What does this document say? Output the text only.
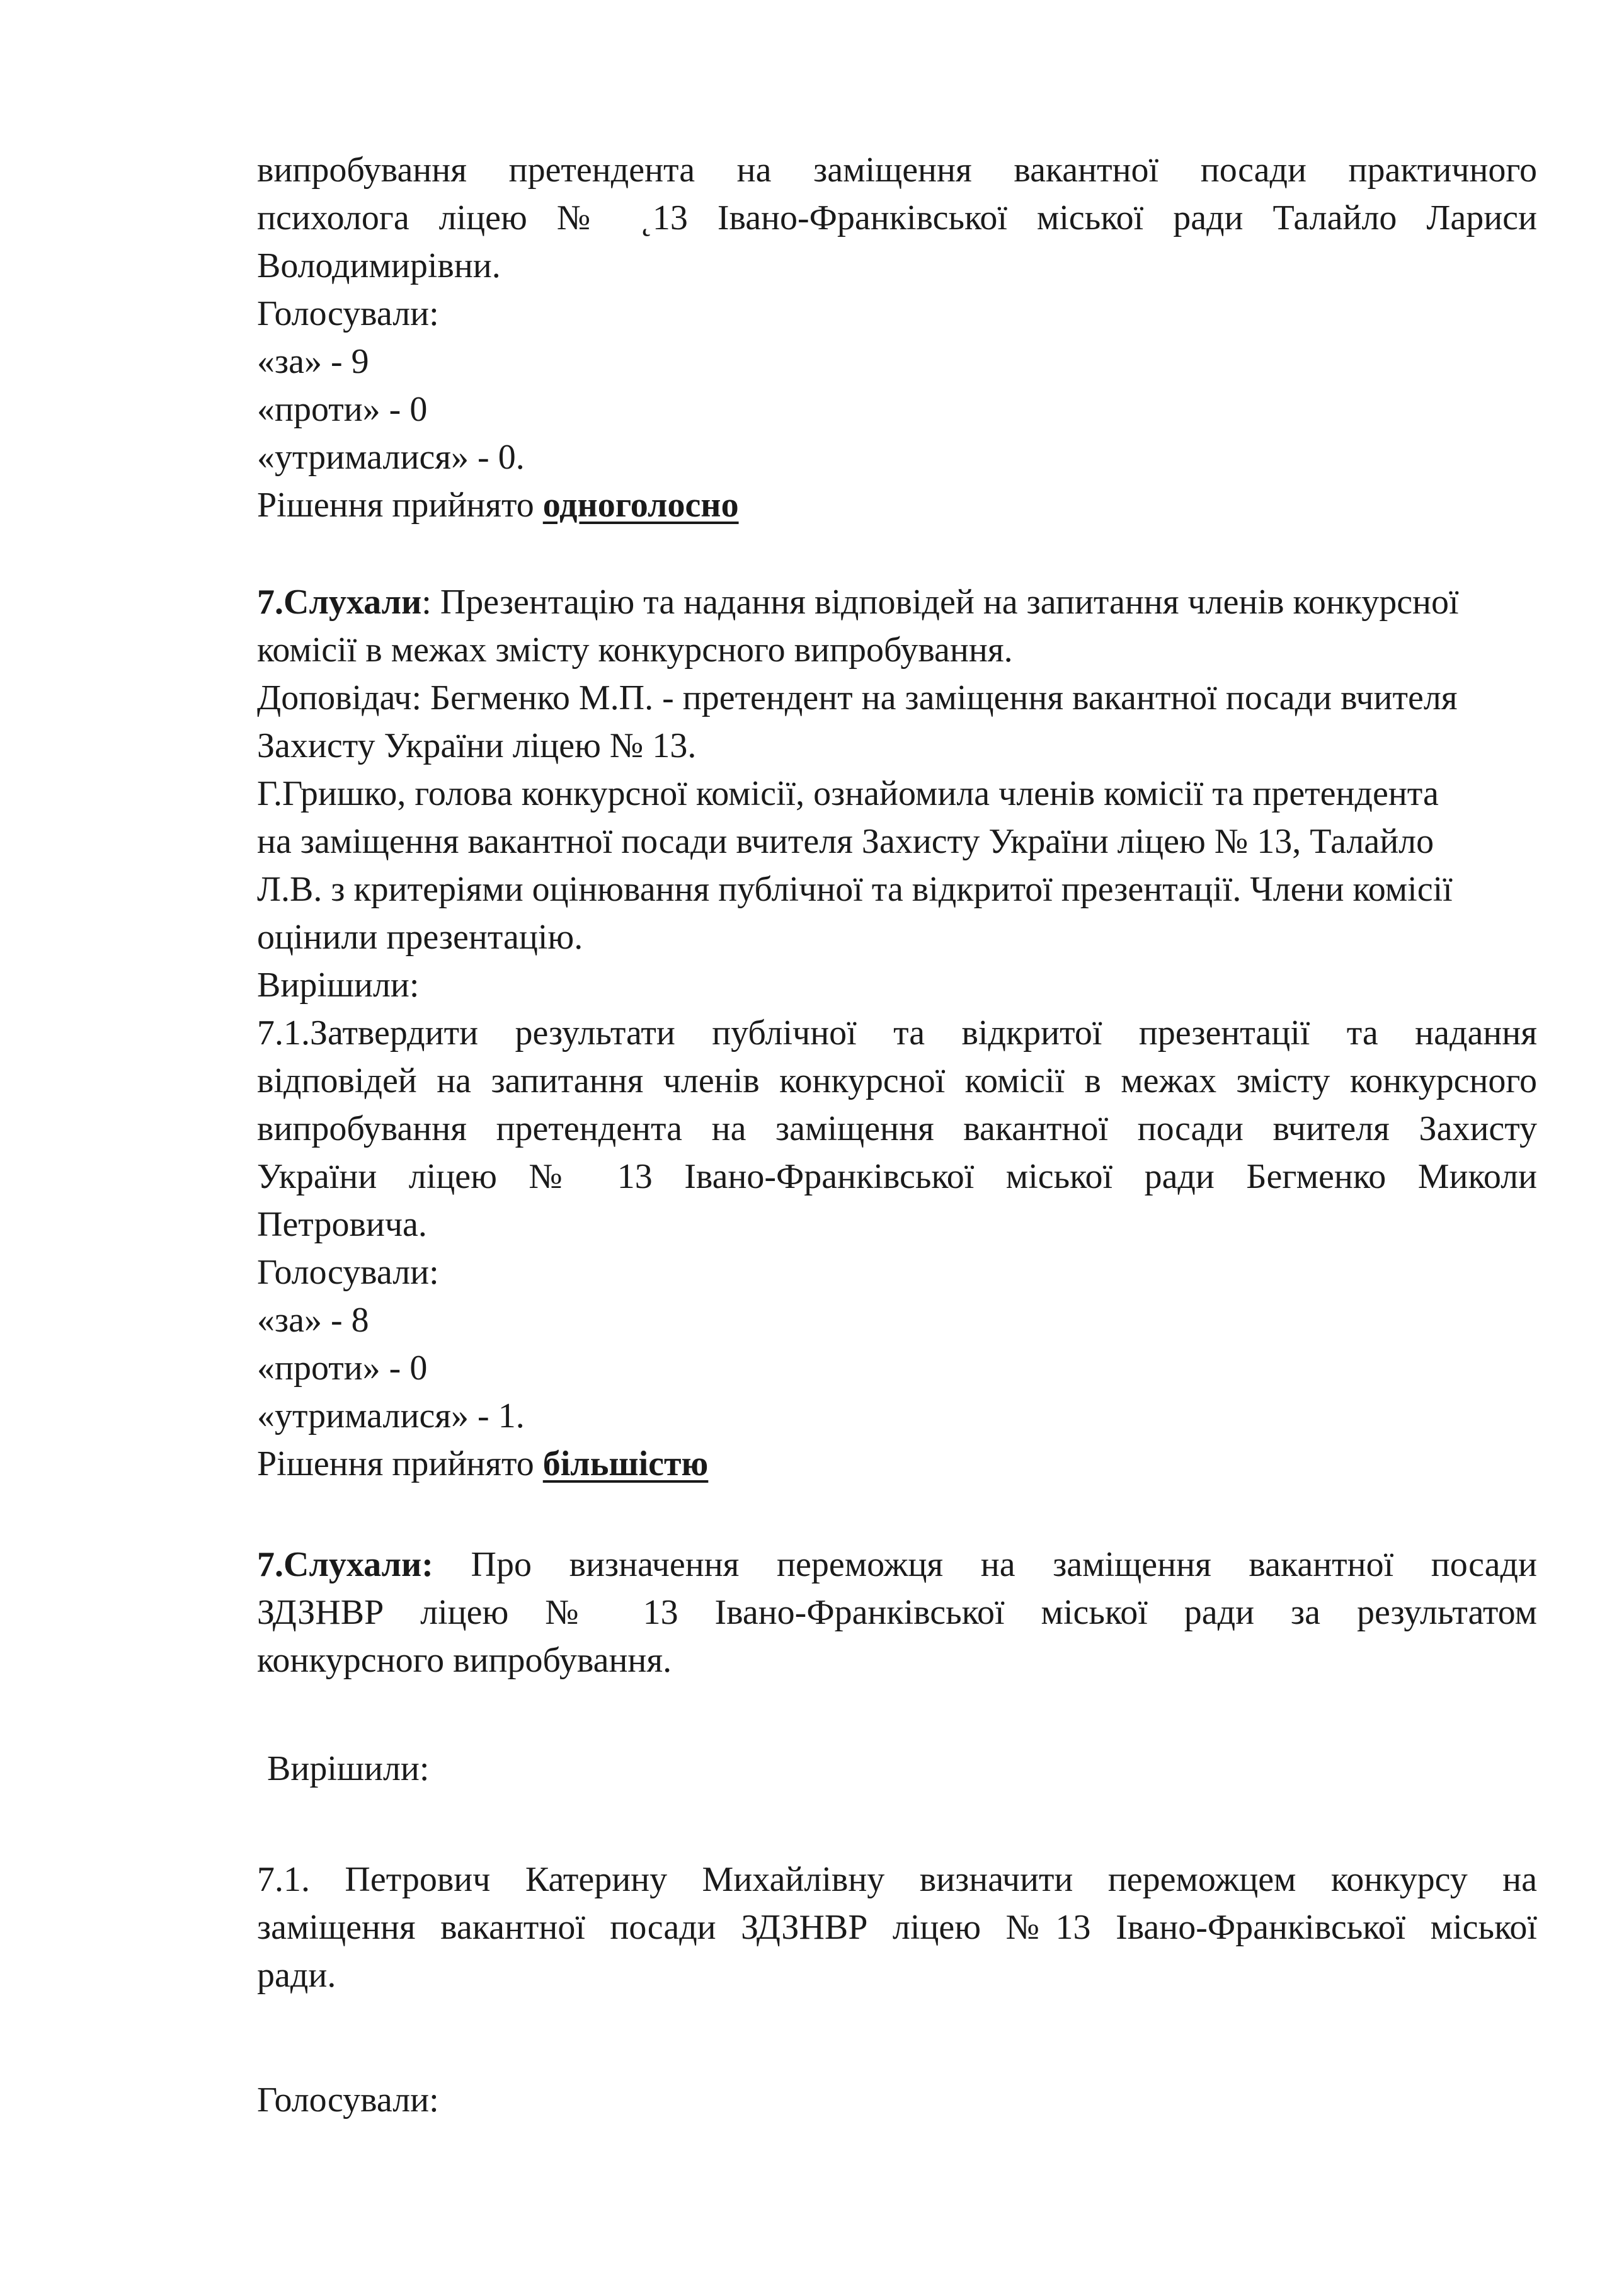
випробування претендента на заміщення вакантної посади практичного
психолога ліцею № ˛13 Івано-Франківської міської ради Талайло Лариси
Володимирівни.
Голосували:
«за» - 9
«проти» - 0
«утрималися» - 0.
Рішення прийнято одноголосно
7.Слухали: Презентацію та надання відповідей на запитання членів конкурсної
комісії в межах змісту конкурсного випробування.
Доповідач: Бегменко М.П. - претендент на заміщення вакантної посади вчителя
Захисту України ліцею № 13.
Г.Гришко, голова конкурсної комісії, ознайомила членів комісії та претендента
на заміщення вакантної посади вчителя Захисту України ліцею № 13, Талайло
Л.В. з критеріями оцінювання публічної та відкритої презентації. Члени комісії
оцінили презентацію.
Вирішили:
7.1.Затвердити результати публічної та відкритої презентації та надання
відповідей на запитання членів конкурсної комісії в межах змісту конкурсного
випробування претендента на заміщення вакантної посади вчителя Захисту
України ліцею № 13 Івано-Франківської міської ради Бегменко Миколи
Петровича.
Голосували:
«за» - 8
«проти» - 0
«утрималися» - 1.
Рішення прийнято більшістю
7.Слухали: Про визначення переможця на заміщення вакантної посади
ЗДЗНВР ліцею № 13 Івано-Франківської міської ради за результатом
конкурсного випробування.
Вирішили:
7.1. Петрович Катерину Михайлівну визначити переможцем конкурсу на
заміщення вакантної посади ЗДЗНВР ліцею №13 Івано-Франківської міської
ради.
Голосували:
